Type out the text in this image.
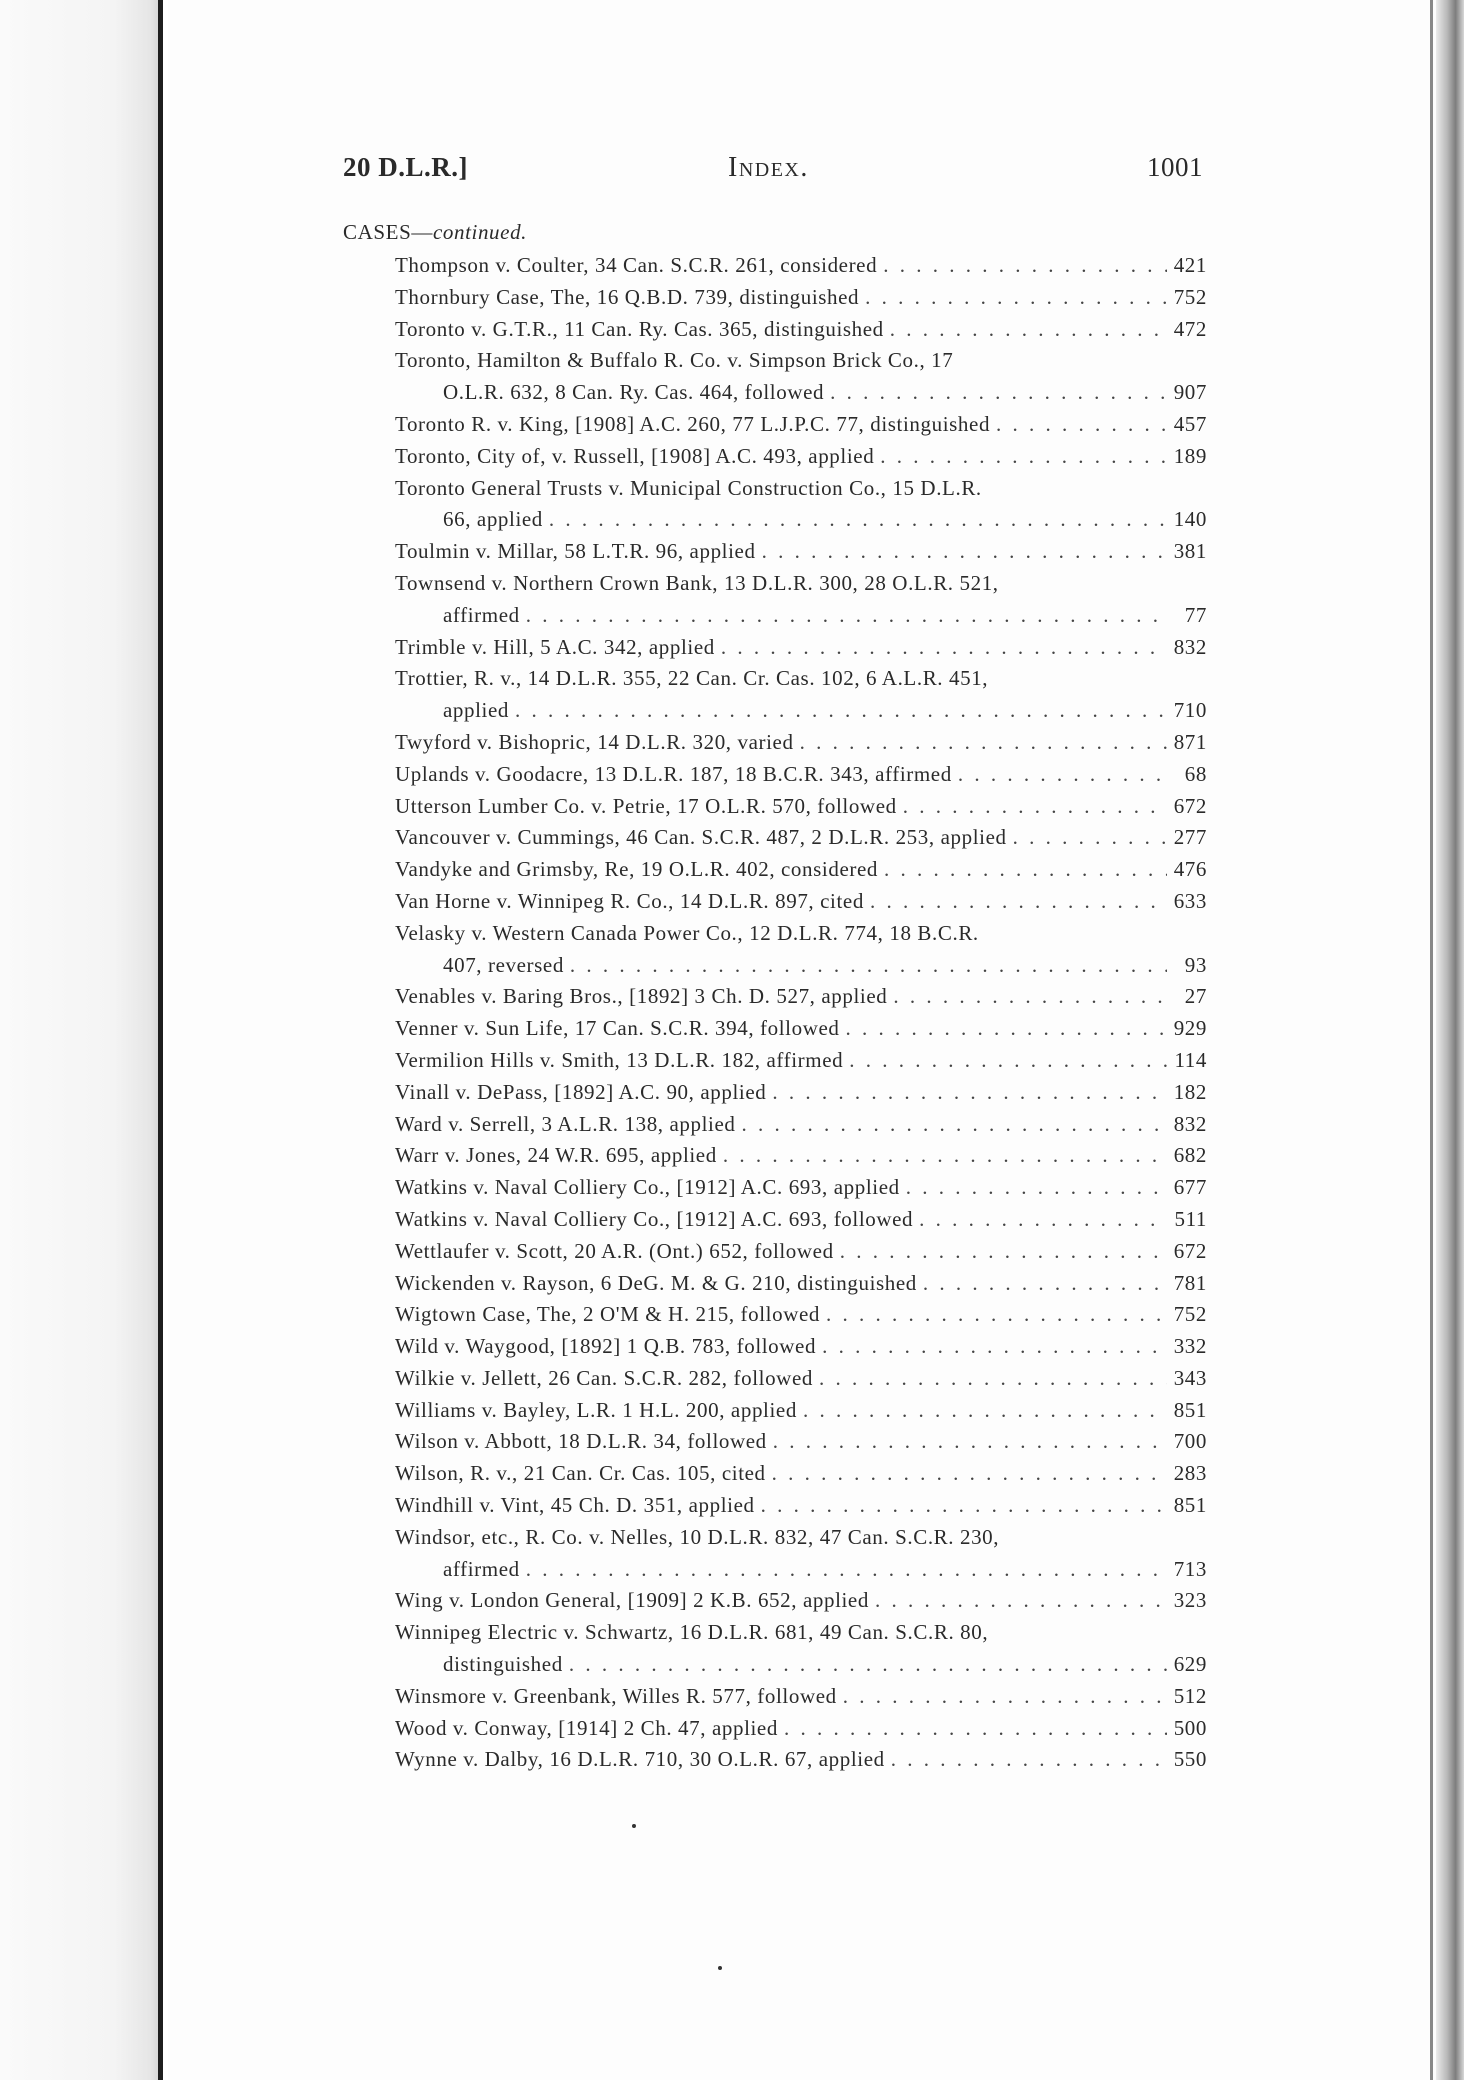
20 D.L.R.]	Index.	1001
CASES—continued.
Thompson v. Coulter, 34 Can. S.C.R. 261, considered . . .	421
Thornbury Case, The, 16 Q.B.D. 739, distinguished . . .	752
Toronto v. G.T.R., 11 Can. Ry. Cas. 365, distinguished . . .	472
Toronto, Hamilton & Buffalo R. Co. v. Simpson Brick Co., 17
O.L.R. 632, 8 Can. Ry. Cas. 464, followed . . .	907
Toronto R. v. King, [1908] A.C. 260, 77 L.J.P.C. 77, distinguished . . .	457
Toronto, City of, v. Russell, [1908] A.C. 493, applied . . .	189
Toronto General Trusts v. Municipal Construction Co., 15 D.L.R.
66, applied . . .	140
Toulmin v. Millar, 58 L.T.R. 96, applied . . .	381
Townsend v. Northern Crown Bank, 13 D.L.R. 300, 28 O.L.R. 521,
affirmed . . .	77
Trimble v. Hill, 5 A.C. 342, applied . . .	832
Trottier, R. v., 14 D.L.R. 355, 22 Can. Cr. Cas. 102, 6 A.L.R. 451,
applied . . .	710
Twyford v. Bishopric, 14 D.L.R. 320, varied . . .	871
Uplands v. Goodacre, 13 D.L.R. 187, 18 B.C.R. 343, affirmed . . .	68
Utterson Lumber Co. v. Petrie, 17 O.L.R. 570, followed . . .	672
Vancouver v. Cummings, 46 Can. S.C.R. 487, 2 D.L.R. 253, applied . . .	277
Vandyke and Grimsby, Re, 19 O.L.R. 402, considered . . .	476
Van Horne v. Winnipeg R. Co., 14 D.L.R. 897, cited . . .	633
Velasky v. Western Canada Power Co., 12 D.L.R. 774, 18 B.C.R.
407, reversed . . .	93
Venables v. Baring Bros., [1892] 3 Ch. D. 527, applied . . .	27
Venner v. Sun Life, 17 Can. S.C.R. 394, followed . . .	929
Vermilion Hills v. Smith, 13 D.L.R. 182, affirmed . . .	114
Vinall v. DePass, [1892] A.C. 90, applied . . .	182
Ward v. Serrell, 3 A.L.R. 138, applied . . .	832
Warr v. Jones, 24 W.R. 695, applied . . .	682
Watkins v. Naval Colliery Co., [1912] A.C. 693, applied . . .	677
Watkins v. Naval Colliery Co., [1912] A.C. 693, followed . . .	511
Wettlaufer v. Scott, 20 A.R. (Ont.) 652, followed . . .	672
Wickenden v. Rayson, 6 DeG. M. & G. 210, distinguished . . .	781
Wigtown Case, The, 2 O'M & H. 215, followed . . .	752
Wild v. Waygood, [1892] 1 Q.B. 783, followed . . .	332
Wilkie v. Jellett, 26 Can. S.C.R. 282, followed . . .	343
Williams v. Bayley, L.R. 1 H.L. 200, applied . . .	851
Wilson v. Abbott, 18 D.L.R. 34, followed . . .	700
Wilson, R. v., 21 Can. Cr. Cas. 105, cited . . .	283
Windhill v. Vint, 45 Ch. D. 351, applied . . .	851
Windsor, etc., R. Co. v. Nelles, 10 D.L.R. 832, 47 Can. S.C.R. 230,
affirmed . . .	713
Wing v. London General, [1909] 2 K.B. 652, applied . . .	323
Winnipeg Electric v. Schwartz, 16 D.L.R. 681, 49 Can. S.C.R. 80,
distinguished . . .	629
Winsmore v. Greenbank, Willes R. 577, followed . . .	512
Wood v. Conway, [1914] 2 Ch. 47, applied . . .	500
Wynne v. Dalby, 16 D.L.R. 710, 30 O.L.R. 67, applied . . .	550
